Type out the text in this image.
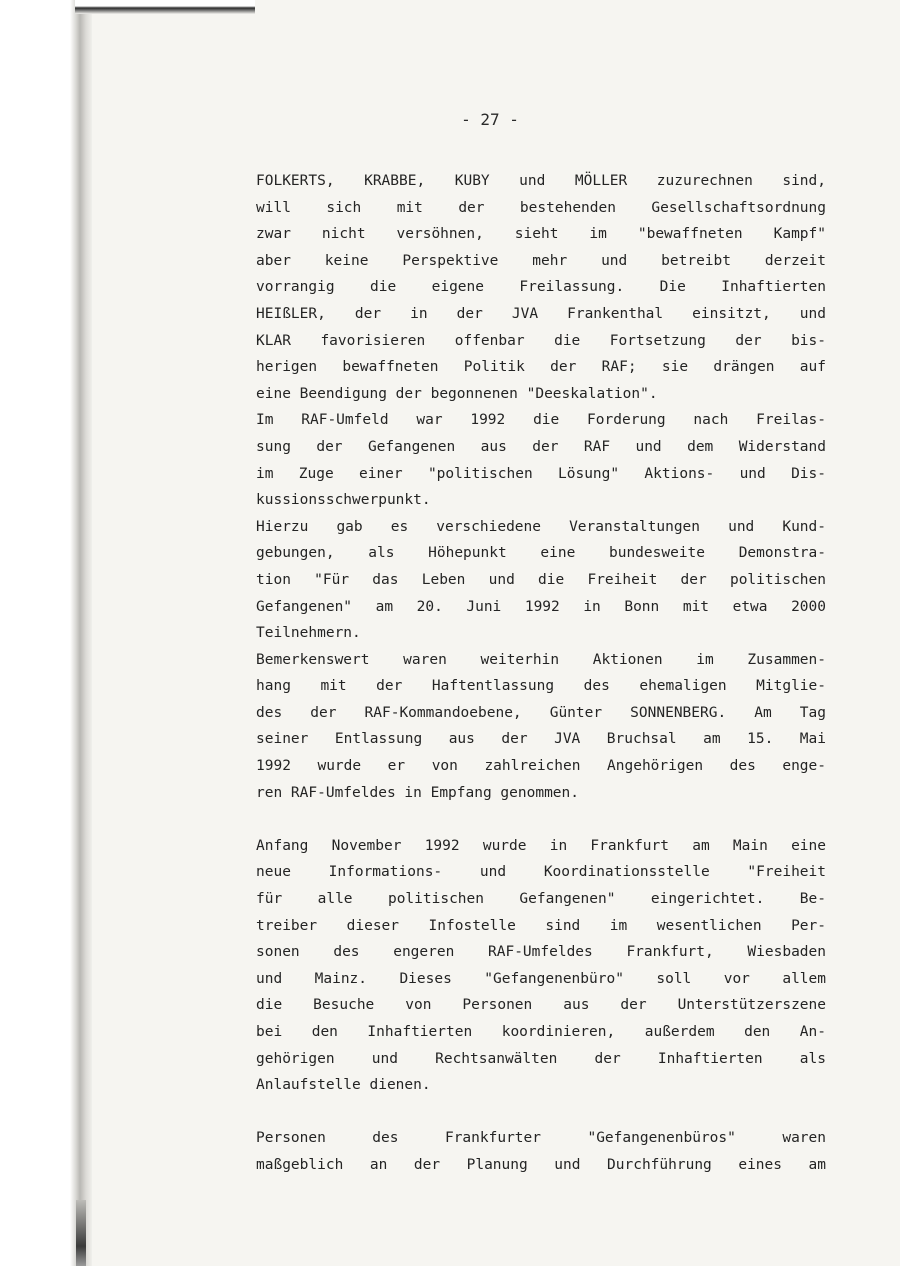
- 27 -
FOLKERTS, KRABBE, KUBY und MÖLLER zuzurechnen sind,
will sich mit der bestehenden Gesellschaftsordnung
zwar nicht versöhnen, sieht im "bewaffneten Kampf"
aber keine Perspektive mehr und betreibt derzeit
vorrangig die eigene Freilassung. Die Inhaftierten
HEIßLER, der in der JVA Frankenthal einsitzt, und
KLAR favorisieren offenbar die Fortsetzung der bis-
herigen bewaffneten Politik der RAF; sie drängen auf
eine Beendigung der begonnenen "Deeskalation".
Im RAF-Umfeld war 1992 die Forderung nach Freilas-
sung der Gefangenen aus der RAF und dem Widerstand
im Zuge einer "politischen Lösung" Aktions- und Dis-
kussionsschwerpunkt.
Hierzu gab es verschiedene Veranstaltungen und Kund-
gebungen, als Höhepunkt eine bundesweite Demonstra-
tion "Für das Leben und die Freiheit der politischen
Gefangenen" am 20. Juni 1992 in Bonn mit etwa 2000
Teilnehmern.
Bemerkenswert waren weiterhin Aktionen im Zusammen-
hang mit der Haftentlassung des ehemaligen Mitglie-
des der RAF-Kommandoebene, Günter SONNENBERG. Am Tag
seiner Entlassung aus der JVA Bruchsal am 15. Mai
1992 wurde er von zahlreichen Angehörigen des enge-
ren RAF-Umfeldes in Empfang genommen.
Anfang November 1992 wurde in Frankfurt am Main eine
neue Informations- und Koordinationsstelle "Freiheit
für alle politischen Gefangenen" eingerichtet. Be-
treiber dieser Infostelle sind im wesentlichen Per-
sonen des engeren RAF-Umfeldes Frankfurt, Wiesbaden
und Mainz. Dieses "Gefangenenbüro" soll vor allem
die Besuche von Personen aus der Unterstützerszene
bei den Inhaftierten koordinieren, außerdem den An-
gehörigen und Rechtsanwälten der Inhaftierten als
Anlaufstelle dienen.
Personen des Frankfurter "Gefangenenbüros" waren
maßgeblich an der Planung und Durchführung eines am
